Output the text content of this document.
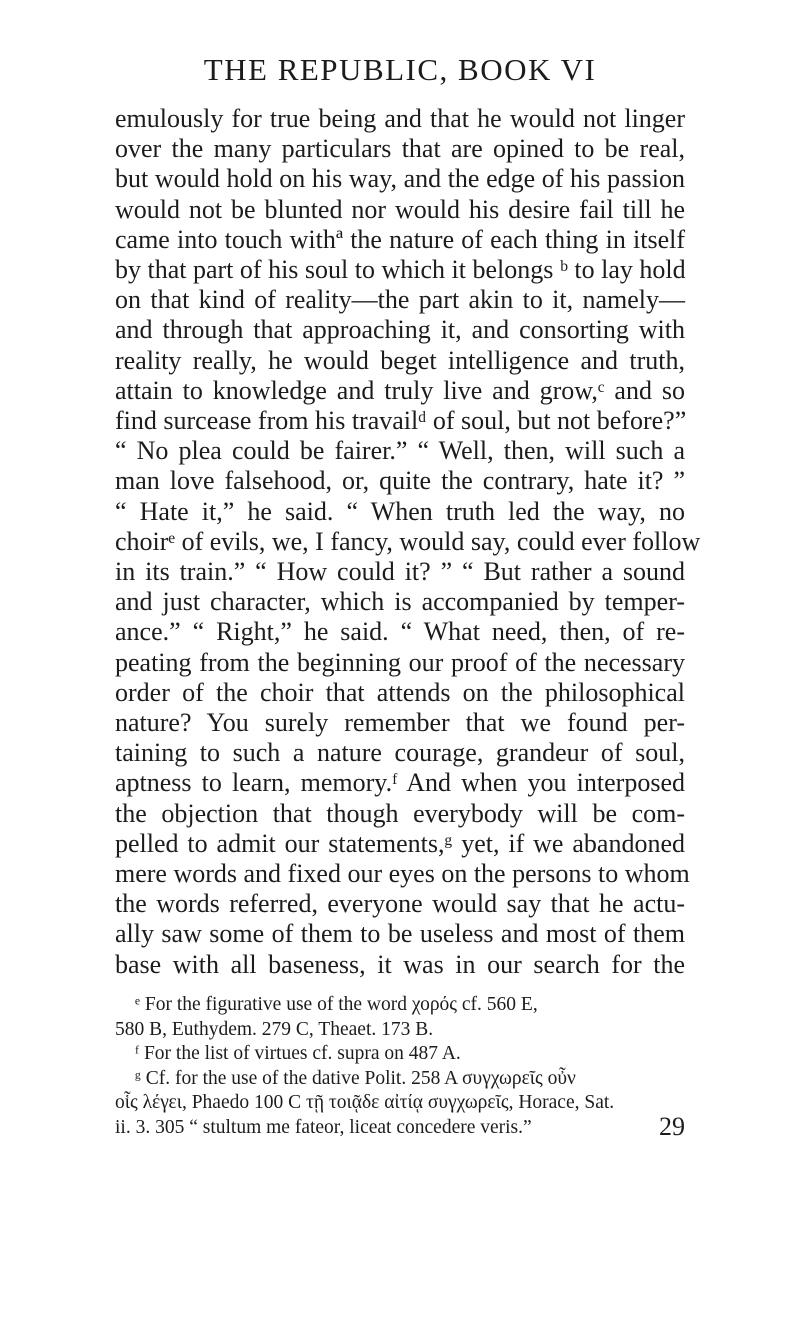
THE REPUBLIC, BOOK VI
emulously for true being and that he would not linger
over the many particulars that are opined to be real,
but would hold on his way, and the edge of his passion
would not be blunted nor would his desire fail till he
came into touch withª the nature of each thing in itself
by that part of his soul to which it belongs ᵇ to lay hold
on that kind of reality—the part akin to it, namely—
and through that approaching it, and consorting with
reality really, he would beget intelligence and truth,
attain to knowledge and truly live and grow,ᶜ and so
find surcease from his travailᵈ of soul, but not before?”
“ No plea could be fairer.” “ Well, then, will such a
man love falsehood, or, quite the contrary, hate it? ”
“ Hate it,” he said. “ When truth led the way, no
choirᵉ of evils, we, I fancy, would say, could ever follow
in its train.” “ How could it? ” “ But rather a sound
and just character, which is accompanied by temper-
ance.” “ Right,” he said. “ What need, then, of re-
peating from the beginning our proof of the necessary
order of the choir that attends on the philosophical
nature? You surely remember that we found per-
taining to such a nature courage, grandeur of soul,
aptness to learn, memory.ᶠ And when you interposed
the objection that though everybody will be com-
pelled to admit our statements,ᵍ yet, if we abandoned
mere words and fixed our eyes on the persons to whom
the words referred, everyone would say that he actu-
ally saw some of them to be useless and most of them
base with all baseness, it was in our search for the
ᵉ For the figurative use of the word χορός cf. 560 E,
580 B, Euthydem. 279 C, Theaet. 173 B.
ᶠ For the list of virtues cf. supra on 487 A.
ᵍ Cf. for the use of the dative Polit. 258 A συγχωρεῖς οὖν
οἷς λέγει, Phaedo 100 C τῇ τοιᾷδε αἰτίᾳ συγχωρεῖς, Horace, Sat.
ii. 3. 305 “ stultum me fateor, liceat concedere veris.”	29
